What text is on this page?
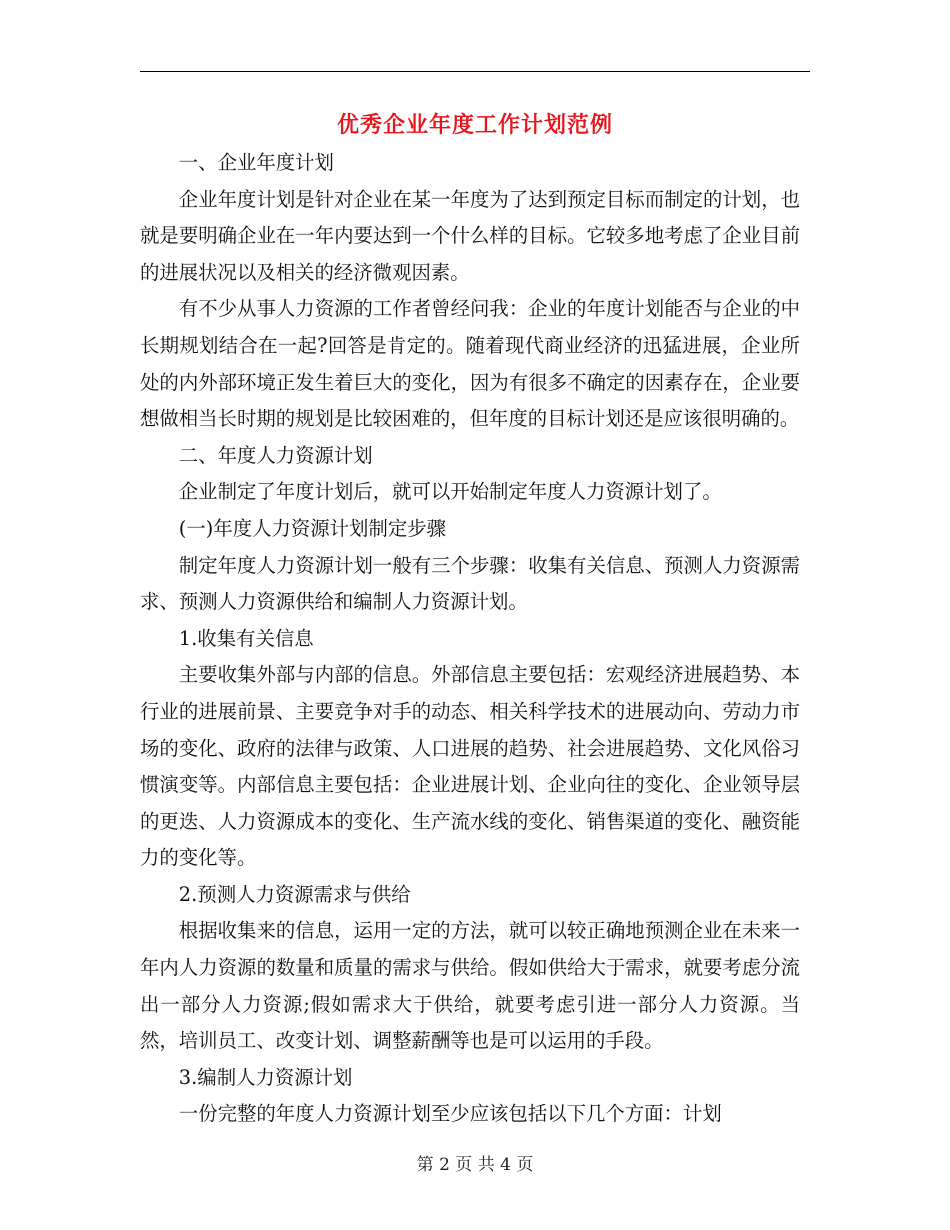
优秀企业年度工作计划范例

一、企业年度计划

企业年度计划是针对企业在某一年度为了达到预定目标而制定的计划，也就是要明确企业在一年内要达到一个什么样的目标。它较多地考虑了企业目前的进展状况以及相关的经济微观因素。

有不少从事人力资源的工作者曾经问我：企业的年度计划能否与企业的中长期规划结合在一起?回答是肯定的。随着现代商业经济的迅猛进展，企业所处的内外部环境正发生着巨大的变化，因为有很多不确定的因素存在，企业要想做相当长时期的规划是比较困难的，但年度的目标计划还是应该很明确的。

二、年度人力资源计划

企业制定了年度计划后，就可以开始制定年度人力资源计划了。

(一)年度人力资源计划制定步骤

制定年度人力资源计划一般有三个步骤：收集有关信息、预测人力资源需求、预测人力资源供给和编制人力资源计划。

1.收集有关信息

主要收集外部与内部的信息。外部信息主要包括：宏观经济进展趋势、本行业的进展前景、主要竞争对手的动态、相关科学技术的进展动向、劳动力市场的变化、政府的法律与政策、人口进展的趋势、社会进展趋势、文化风俗习惯演变等。内部信息主要包括：企业进展计划、企业向往的变化、企业领导层的更迭、人力资源成本的变化、生产流水线的变化、销售渠道的变化、融资能力的变化等。

2.预测人力资源需求与供给

根据收集来的信息，运用一定的方法，就可以较正确地预测企业在未来一年内人力资源的数量和质量的需求与供给。假如供给大于需求，就要考虑分流出一部分人力资源;假如需求大于供给，就要考虑引进一部分人力资源。当然，培训员工、改变计划、调整薪酬等也是可以运用的手段。

3.编制人力资源计划

一份完整的年度人力资源计划至少应该包括以下几个方面：计划

第 2 页 共 4 页
